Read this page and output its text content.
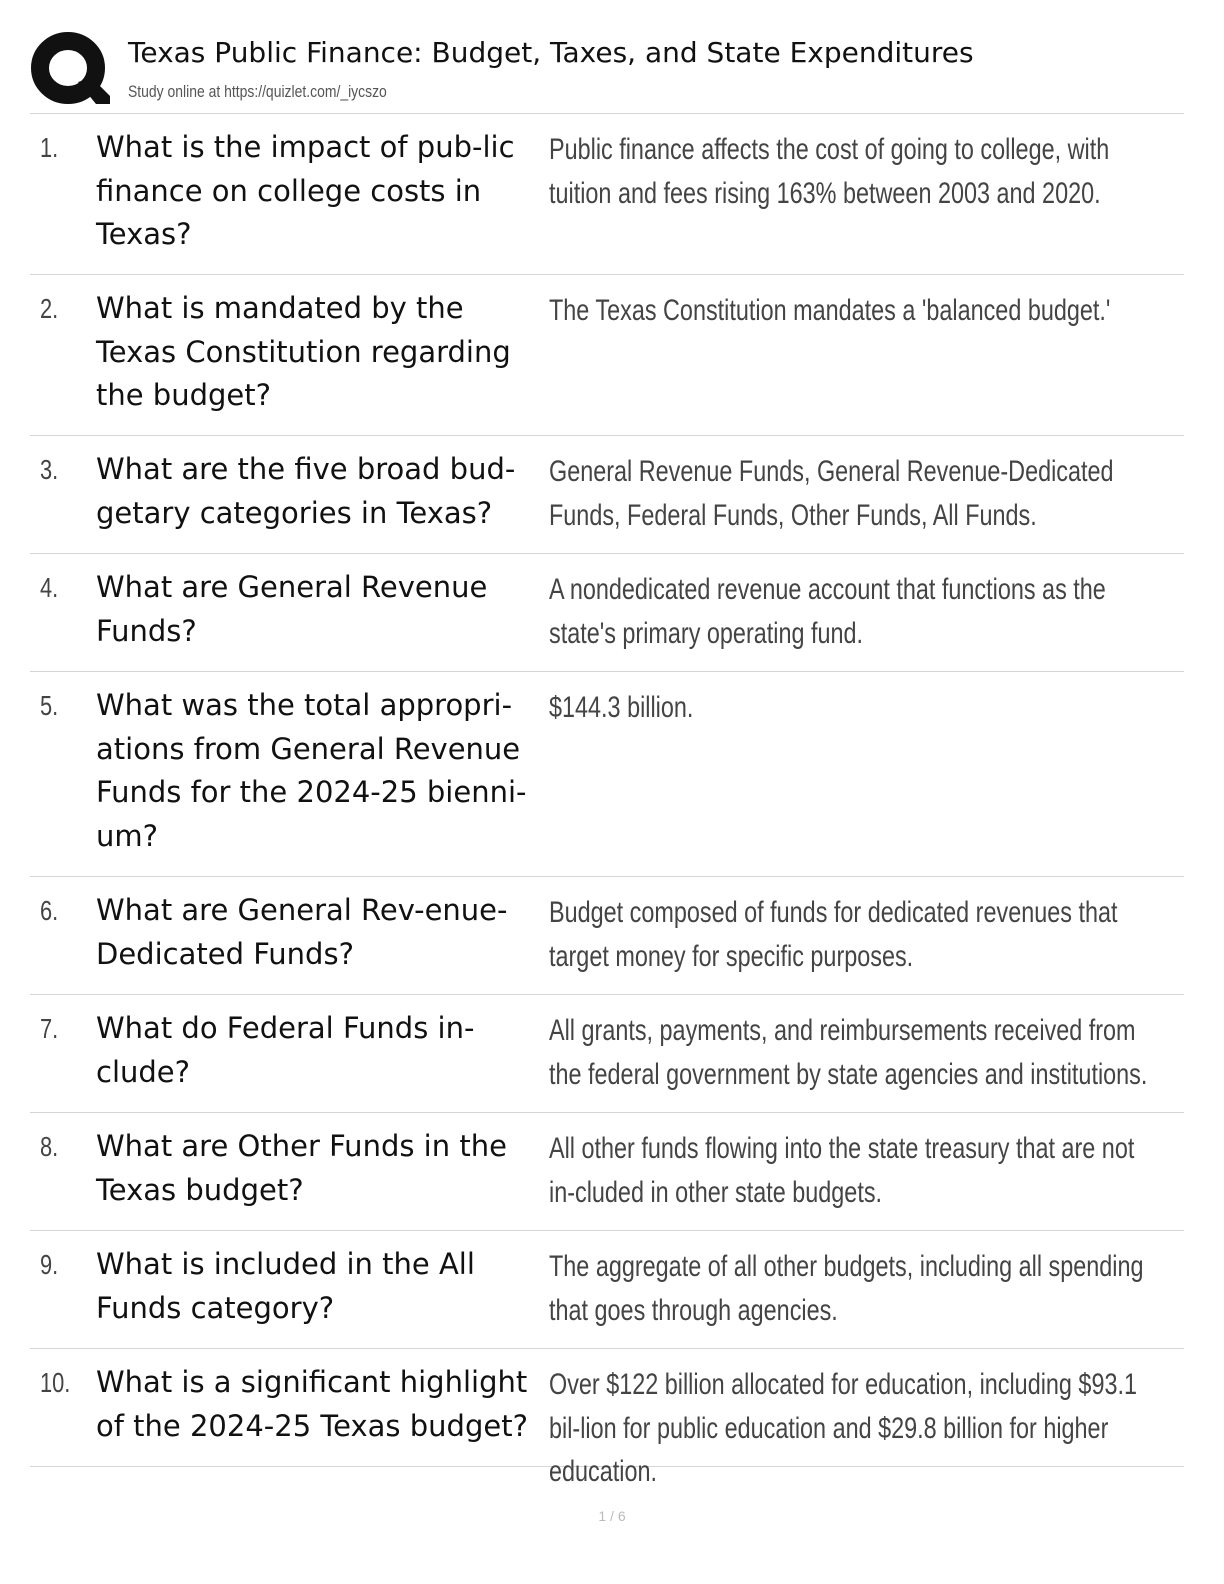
Texas Public Finance: Budget, Taxes, and State Expenditures
Study online at https://quizlet.com/_iycszo
1. What is the impact of pub-lic finance on college costs in Texas?
Public finance affects the cost of going to college, with tuition and fees rising 163% between 2003 and 2020.
2. What is mandated by the Texas Constitution regarding the budget?
The Texas Constitution mandates a 'balanced budget.'
3. What are the five broad bud-getary categories in Texas?
General Revenue Funds, General Revenue-Dedicated Funds, Federal Funds, Other Funds, All Funds.
4. What are General Revenue Funds?
A nondedicated revenue account that functions as the state's primary operating fund.
5. What was the total appropri-ations from General Revenue Funds for the 2024-25 bienni-um?
$144.3 billion.
6. What are General Rev-enue-Dedicated Funds?
Budget composed of funds for dedicated revenues that target money for specific purposes.
7. What do Federal Funds in-clude?
All grants, payments, and reimbursements received from the federal government by state agencies and institutions.
8. What are Other Funds in the Texas budget?
All other funds flowing into the state treasury that are not in-cluded in other state budgets.
9. What is included in the All Funds category?
The aggregate of all other budgets, including all spending that goes through agencies.
10. What is a significant highlight of the 2024-25 Texas budget?
Over $122 billion allocated for education, including $93.1 bil-lion for public education and $29.8 billion for higher education.
1 / 6
